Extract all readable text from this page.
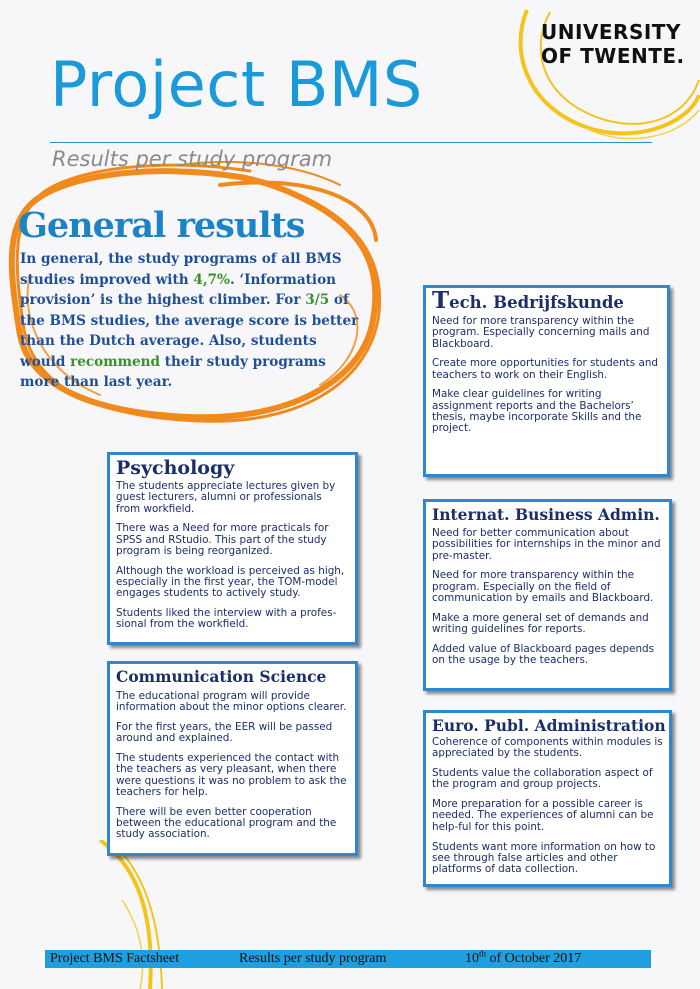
UNIVERSITY
OF TWENTE.
Project BMS
Results per study program
General results
In general, the study programs of all BMS studies improved with 4,7%. ‘Information provision’ is the highest climber. For 3/5 of the BMS studies, the average score is better than the Dutch average. Also, students would recommend their study programs more than last year.
Tech. Bedrijfskunde

Need for more transparency within the program. Especially concerning mails and Blackboard.

Create more opportunities for students and teachers to work on their English.

Make clear guidelines for writing assignment reports and the Bachelors’ thesis, maybe incorporate Skills and the project.

Psychology

The students appreciate lectures given by guest lecturers, alumni or professionals from workfield.

There was a Need for more practicals for SPSS and RStudio. This part of the study program is being reorganized.

Although the workload is perceived as high, especially in the first year, the TOM-model engages students to actively study.

Students liked the interview with a profes-sional from the workfield.

Internat. Business Admin.

Need for better communication about possibilities for internships in the minor and pre-master.

Need for more transparency within the program. Especially on the field of communication by emails and Blackboard.

Make a more general set of demands and writing guidelines for reports.

Added value of Blackboard pages depends on the usage by the teachers.

Communication Science

The educational program will provide information about the minor options clearer.

For the first years, the EER will be passed around and explained.

The students experienced the contact with the teachers as very pleasant, when there were questions it was no problem to ask the teachers for help.

There will be even better cooperation between the educational program and the study association.

Euro. Publ. Administration

Coherence of components within modules is appreciated by the students.

Students value the collaboration aspect of the program and group projects.

More preparation for a possible career is needed. The experiences of alumni can be help-ful for this point.

Students want more information on how to see through false articles and other platforms of data collection.

Project BMS Factsheet	Results per study program	10th of October 2017
